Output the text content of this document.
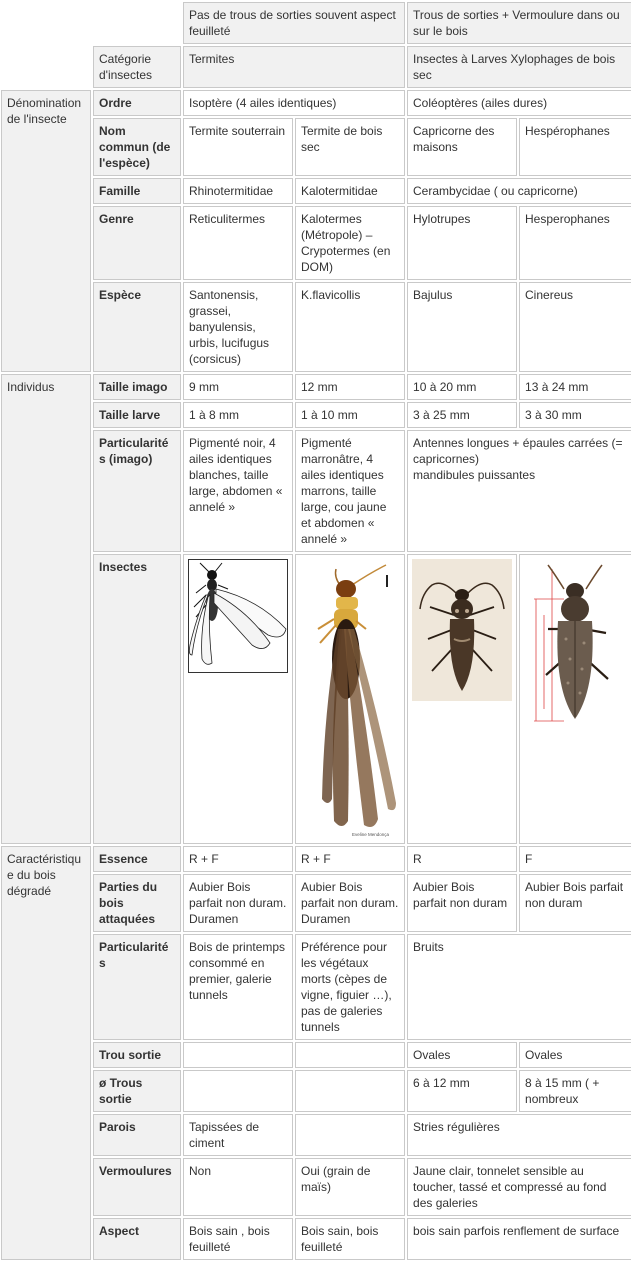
		Pas de trous de sorties souvent aspect feuilleté		Trous de sorties + Vermoulure dans ou sur le bois	
	Catégorie d'insectes	Termites		Insectes à Larves Xylophages de bois sec	
Dénomination de l'insecte	Ordre	Isoptère (4 ailes identiques)		Coléoptères (ailes dures)	
	Nom commun (de l'espèce)	Termite souterrain	Termite de bois sec	Capricorne des maisons	Hespérophanes
	Famille	Rhinotermitidae	Kalotermitidae	Cerambycidae ( ou capricorne)	
	Genre	Reticulitermes	Kalotermes (Métropole) – Crypotermes (en DOM)	Hylotrupes	Hesperophanes
	Espèce	Santonensis, grassei, banyulensis, urbis, lucifugus (corsicus)	K.flavicollis	Bajulus	Cinereus
Individus	Taille imago	9 mm	12 mm	10 à 20 mm	13 à 24 mm
	Taille larve	1 à 8 mm	1 à 10 mm	3 à 25 mm	3 à 30 mm
	Particularités (imago)	Pigmenté noir, 4 ailes identiques blanches, taille large, abdomen « annelé »	Pigmenté marronâtre, 4 ailes identiques marrons, taille large, cou jaune et abdomen « annelé »	Antennes longues + épaules carrées (= capricornes)
mandibules puissantes	

	Insectes		Eveline Mendonça

Caractéristique du bois dégradé	Essence	R + F	R + F	R	F
	Parties du bois attaquées	Aubier Bois parfait non duram. Duramen	Aubier Bois parfait non duram. Duramen	Aubier Bois parfait non duram	Aubier Bois parfait non duram
	Particularités	Bois de printemps consommé en premier, galerie tunnels	Préférence pour les végétaux morts (cèpes de vigne, figuier …), pas de galeries tunnels	Bruits	
	Trou sortie			Ovales	Ovales
	ø Trous sortie			6 à 12 mm	8 à 15 mm ( + nombreux
	Parois	Tapissées de ciment		Stries régulières	
	Vermoulures	Non	Oui (grain de maïs)	Jaune clair, tonnelet sensible au toucher, tassé et compressé au fond des galeries	
	Aspect	Bois sain , bois feuilleté	Bois sain, bois feuilleté	bois sain parfois renflement de surface	
